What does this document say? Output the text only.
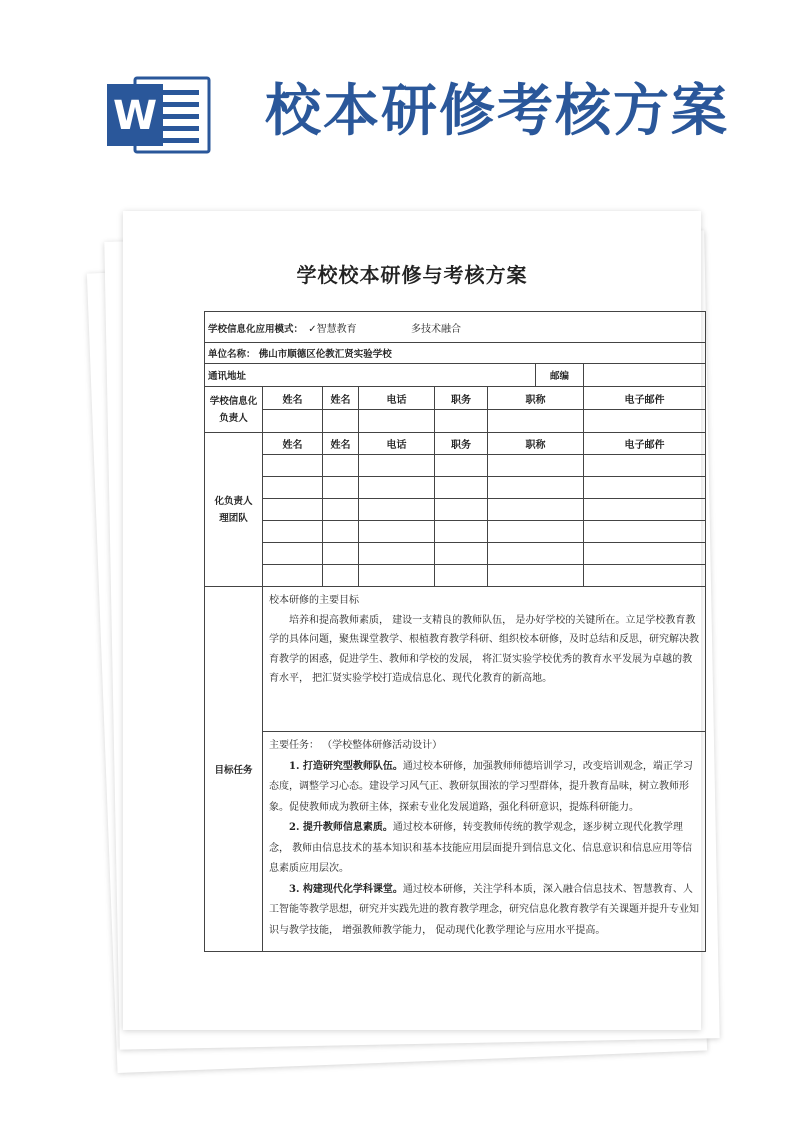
W 校本研修考核方案
学校校本研修与考核方案
学校信息化应用模式： ✓智慧教育 多技术融合							
单位名称： 佛山市顺德区伦教汇贤实验学校							
通讯地址						邮编	
学校信息化负责人	姓名	姓名	电话	职务	职称		电子邮件

化负责人理团队	姓名	姓名	电话	职务	职称		电子邮件

目标任务	校本研修的主要目标
培养和提高教师素质， 建设一支精良的教师队伍， 是办好学校的关键所在。立足学校教育教学的具体问题，聚焦课堂教学、根植教育教学科研、组织校本研修，及时总结和反思，研究解决教育教学的困惑，促进学生、教师和学校的发展， 将汇贤实验学校优秀的教育水平发展为卓越的教育水平， 把汇贤实验学校打造成信息化、现代化教育的新高地。						

	主要任务： （学校整体研修活动设计）
1. 打造研究型教师队伍。通过校本研修，加强教师师德培训学习，改变培训观念，端正学习态度，调整学习心态。建设学习风气正、教研氛围浓的学习型群体，提升教育品味，树立教师形象。促使教师成为教研主体，探索专业化发展道路，强化科研意识，提炼科研能力。
2. 提升教师信息素质。通过校本研修，转变教师传统的教学观念，逐步树立现代化教学理念， 教师由信息技术的基本知识和基本技能应用层面提升到信息文化、信息意识和信息应用等信息素质应用层次。
3. 构建现代化学科课堂。通过校本研修，关注学科本质，深入融合信息技术、智慧教育、人工智能等教学思想，研究并实践先进的教育教学理念，研究信息化教育教学有关课题并提升专业知识与教学技能， 增强教师教学能力， 促动现代化教学理论与应用水平提高。						
